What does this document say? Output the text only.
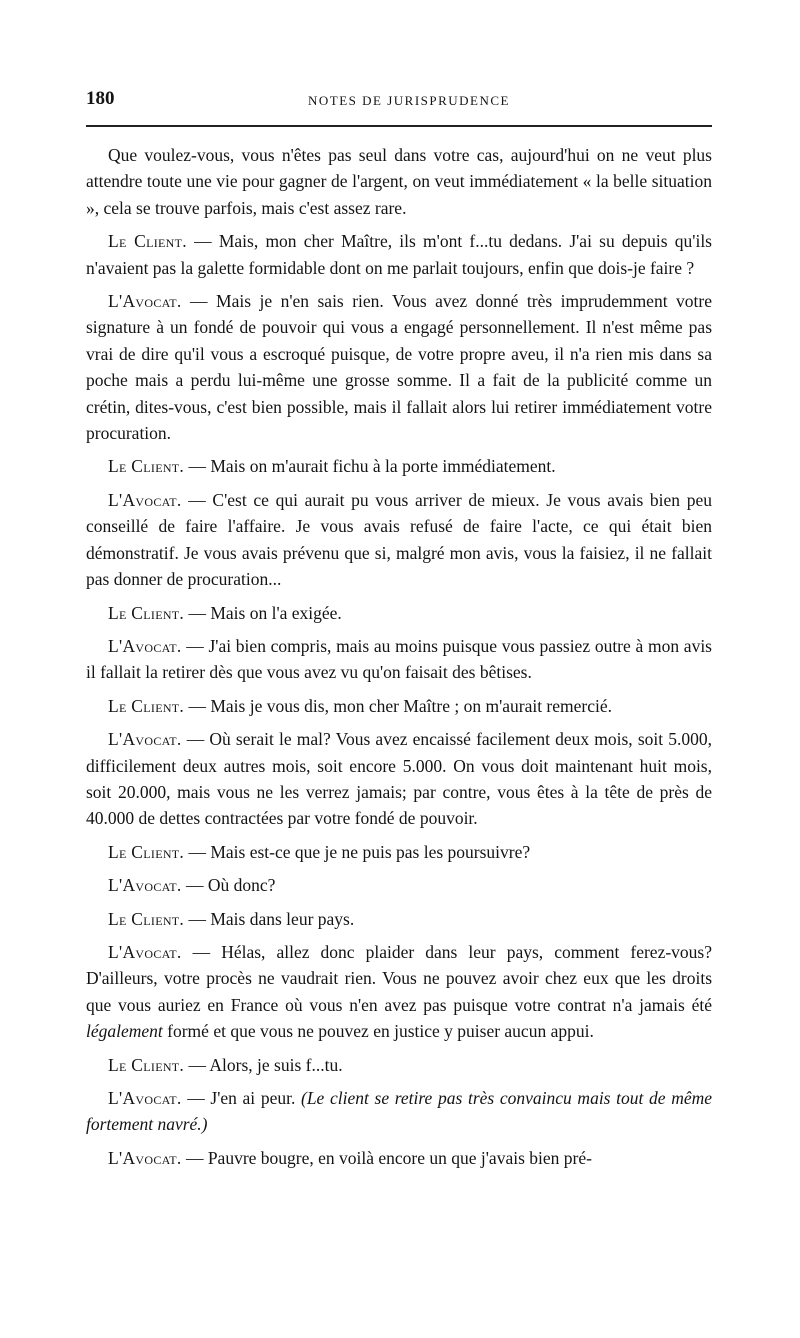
180	NOTES DE JURISPRUDENCE

Que voulez-vous, vous n'êtes pas seul dans votre cas, aujourd'hui on ne veut plus attendre toute une vie pour gagner de l'argent, on veut immédiatement « la belle situation », cela se trouve parfois, mais c'est assez rare.

Le Client. — Mais, mon cher Maître, ils m'ont f...tu dedans. J'ai su depuis qu'ils n'avaient pas la galette formidable dont on me parlait toujours, enfin que dois-je faire ?

L'Avocat. — Mais je n'en sais rien. Vous avez donné très imprudemment votre signature à un fondé de pouvoir qui vous a engagé personnellement. Il n'est même pas vrai de dire qu'il vous a escroqué puisque, de votre propre aveu, il n'a rien mis dans sa poche mais a perdu lui-même une grosse somme. Il a fait de la publicité comme un crétin, dites-vous, c'est bien possible, mais il fallait alors lui retirer immédiatement votre procuration.

Le Client. — Mais on m'aurait fichu à la porte immédiatement.

L'Avocat. — C'est ce qui aurait pu vous arriver de mieux. Je vous avais bien peu conseillé de faire l'affaire. Je vous avais refusé de faire l'acte, ce qui était bien démonstratif. Je vous avais prévenu que si, malgré mon avis, vous la faisiez, il ne fallait pas donner de procuration...

Le Client. — Mais on l'a exigée.

L'Avocat. — J'ai bien compris, mais au moins puisque vous passiez outre à mon avis il fallait la retirer dès que vous avez vu qu'on faisait des bêtises.

Le Client. — Mais je vous dis, mon cher Maître ; on m'aurait remercié.

L'Avocat. — Où serait le mal? Vous avez encaissé facilement deux mois, soit 5.000, difficilement deux autres mois, soit encore 5.000. On vous doit maintenant huit mois, soit 20.000, mais vous ne les verrez jamais; par contre, vous êtes à la tête de près de 40.000 de dettes contractées par votre fondé de pouvoir.

Le Client. — Mais est-ce que je ne puis pas les poursuivre?

L'Avocat. — Où donc?

Le Client. — Mais dans leur pays.

L'Avocat. — Hélas, allez donc plaider dans leur pays, comment ferez-vous? D'ailleurs, votre procès ne vaudrait rien. Vous ne pouvez avoir chez eux que les droits que vous auriez en France où vous n'en avez pas puisque votre contrat n'a jamais été légalement formé et que vous ne pouvez en justice y puiser aucun appui.

Le Client. — Alors, je suis f...tu.

L'Avocat. — J'en ai peur. (Le client se retire pas très convaincu mais tout de même fortement navré.)

L'Avocat. — Pauvre bougre, en voilà encore un que j'avais bien pré-
